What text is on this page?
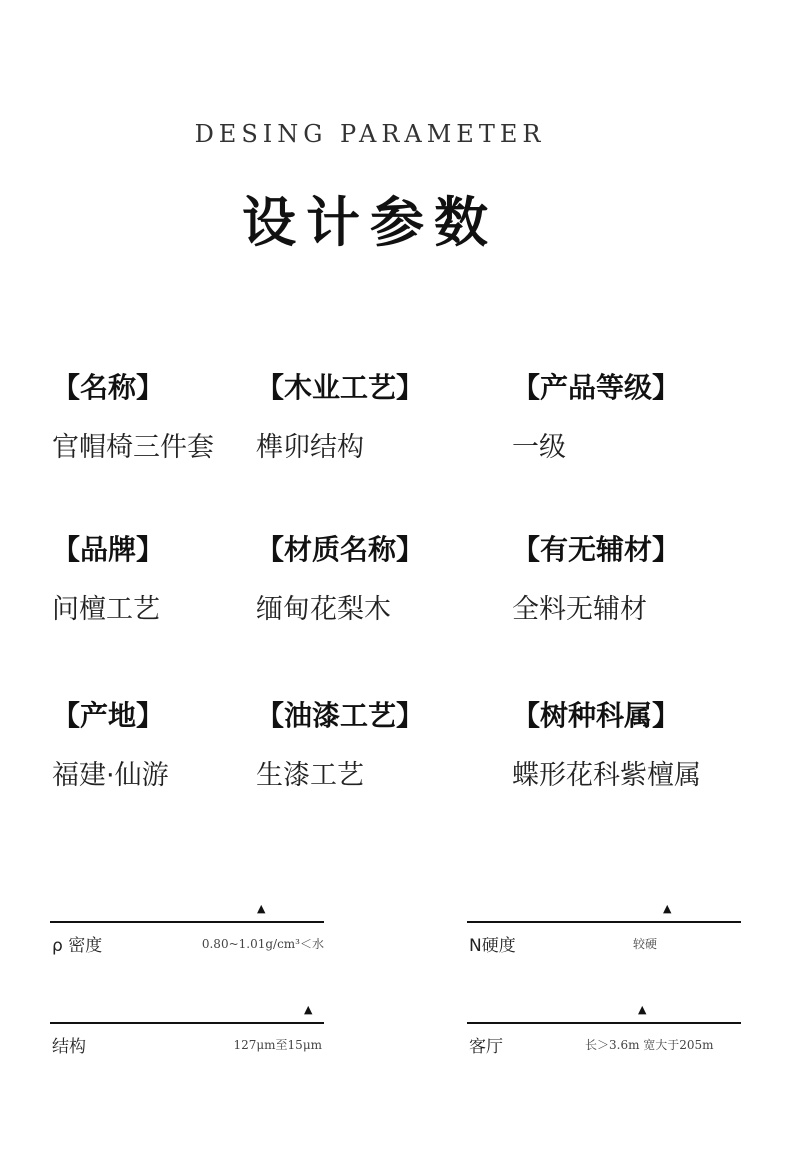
DESING PARAMETER
设计参数
【名称】
官帽椅三件套
【木业工艺】
榫卯结构
【产品等级】
一级
【品牌】
问檀工艺
【材质名称】
缅甸花梨木
【有无辅材】
全料无辅材
【产地】
福建·仙游
【油漆工艺】
生漆工艺
【树种科属】
蝶形花科紫檀属
▲
ρ 密度	0.80~1.01g/cm³＜水
▲
N硬度	较硬
▲
结构	127μm至15μm
▲
客厅	长＞3.6m 宽大于205m
